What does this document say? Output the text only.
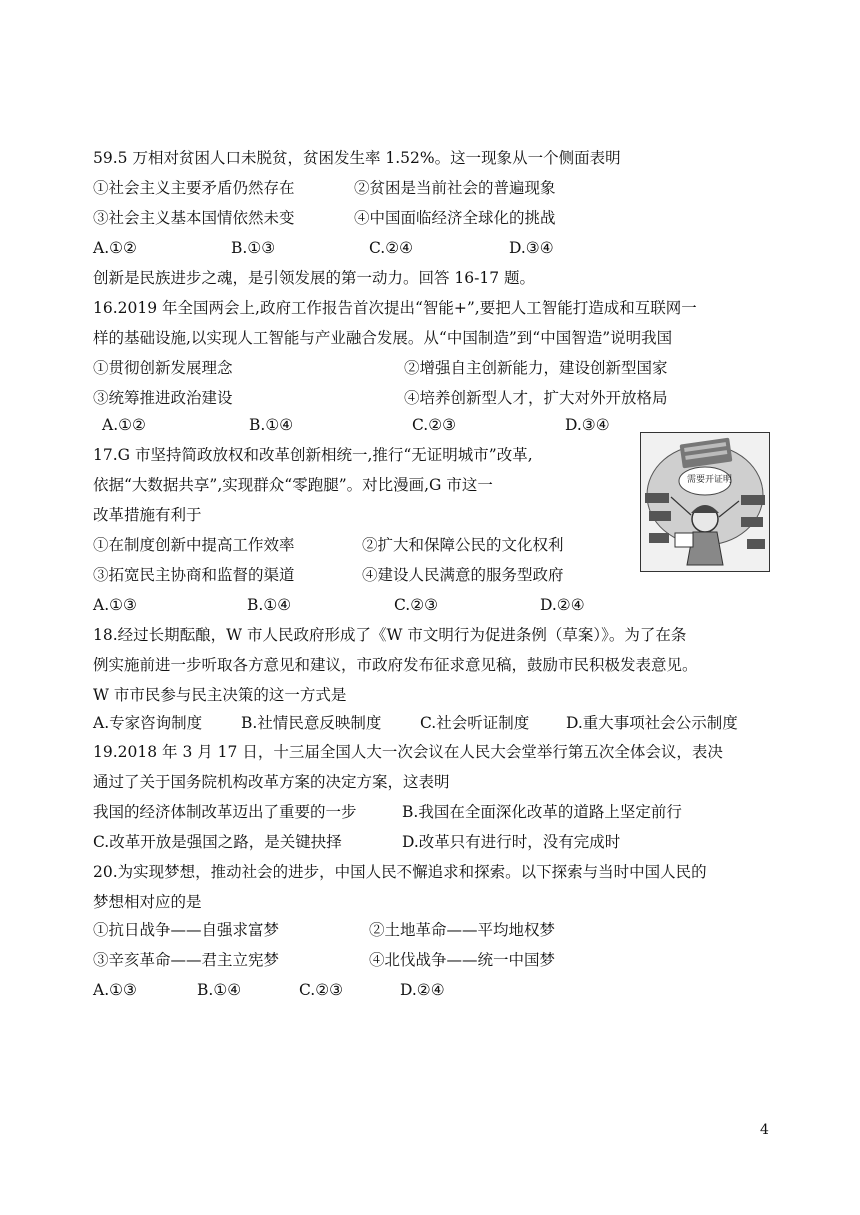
59.5 万相对贫困人口未脱贫，贫困发生率 1.52%。这一现象从一个侧面表明
①社会主义主要矛盾仍然存在	②贫困是当前社会的普遍现象
③社会主义基本国情依然未变	④中国面临经济全球化的挑战
A.①②	B.①③	C.②④	D.③④
创新是民族进步之魂，是引领发展的第一动力。回答 16-17 题。
16.2019 年全国两会上,政府工作报告首次提出“智能+”,要把人工智能打造成和互联网一
样的基础设施,以实现人工智能与产业融合发展。从“中国制造”到“中国智造”说明我国
①贯彻创新发展理念	②增强自主创新能力，建设创新型国家
③统筹推进政治建设	④培养创新型人才，扩大对外开放格局
A.①②	B.①④	C.②③	D.③④
17.G 市坚持简政放权和改革创新相统一,推行“无证明城市”改革,
依据“大数据共享”,实现群众“零跑腿”。对比漫画,G 市这一
改革措施有利于
①在制度创新中提高工作效率	②扩大和保障公民的文化权利
③拓宽民主协商和监督的渠道	④建设人民满意的服务型政府
A.①③	B.①④	C.②③	D.②④
需要开证明
18.经过长期酝酿，W 市人民政府形成了《W 市文明行为促进条例（草案）》。为了在条
例实施前进一步听取各方意见和建议，市政府发布征求意见稿，鼓励市民积极发表意见。
W 市市民参与民主决策的这一方式是
A.专家咨询制度	B.社情民意反映制度 C.社会听证制度 D.重大事项社会公示制度
19.2018 年 3 月 17 日，十三届全国人大一次会议在人民大会堂举行第五次全体会议，表决
通过了关于国务院机构改革方案的决定方案，这表明
我国的经济体制改革迈出了重要的一步	B.我国在全面深化改革的道路上坚定前行
C.改革开放是强国之路，是关键抉择	D.改革只有进行时，没有完成时
20.为实现梦想，推动社会的进步，中国人民不懈追求和探索。以下探索与当时中国人民的
梦想相对应的是
①抗日战争——自强求富梦	②土地革命——平均地权梦
③辛亥革命——君主立宪梦	④北伐战争——统一中国梦
A.①③	B.①④	C.②③	D.②④
4
